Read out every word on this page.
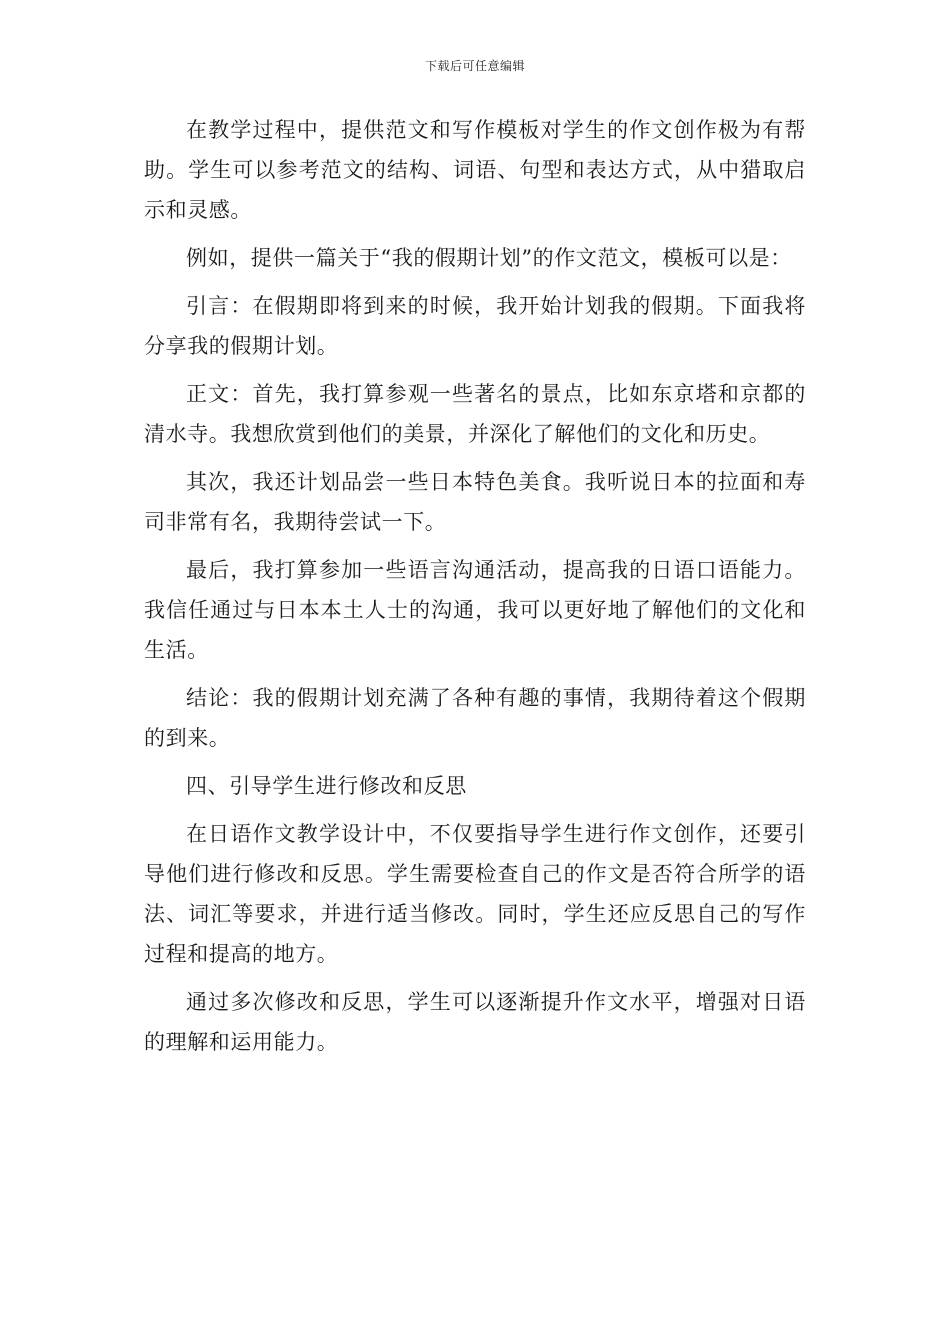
下载后可任意编辑

在教学过程中，提供范文和写作模板对学生的作文创作极为有帮助。学生可以参考范文的结构、词语、句型和表达方式，从中猎取启示和灵感。

例如，提供一篇关于“我的假期计划”的作文范文，模板可以是：

引言：在假期即将到来的时候，我开始计划我的假期。下面我将分享我的假期计划。

正文：首先，我打算参观一些著名的景点，比如东京塔和京都的清水寺。我想欣赏到他们的美景，并深化了解他们的文化和历史。

其次，我还计划品尝一些日本特色美食。我听说日本的拉面和寿司非常有名，我期待尝试一下。

最后，我打算参加一些语言沟通活动，提高我的日语口语能力。我信任通过与日本本土人士的沟通，我可以更好地了解他们的文化和生活。

结论：我的假期计划充满了各种有趣的事情，我期待着这个假期的到来。

四、引导学生进行修改和反思

在日语作文教学设计中，不仅要指导学生进行作文创作，还要引导他们进行修改和反思。学生需要检查自己的作文是否符合所学的语法、词汇等要求，并进行适当修改。同时，学生还应反思自己的写作过程和提高的地方。

通过多次修改和反思，学生可以逐渐提升作文水平，增强对日语的理解和运用能力。
